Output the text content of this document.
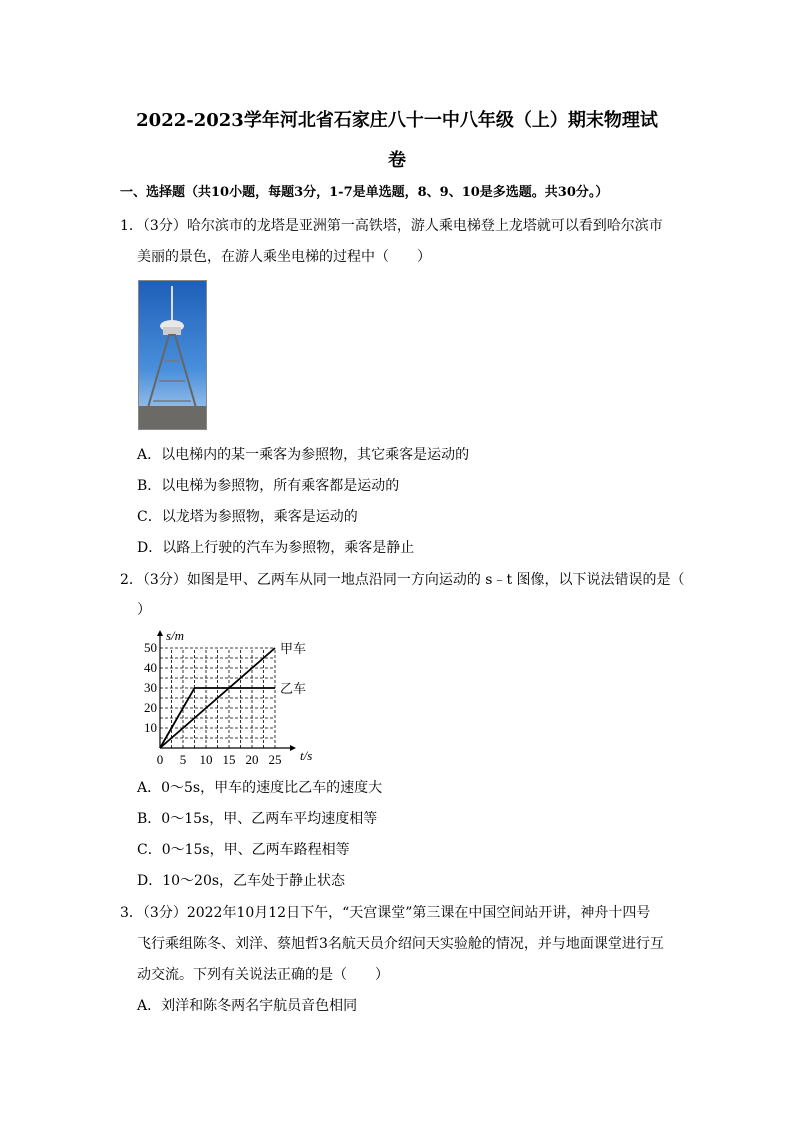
2022-2023学年河北省石家庄八十一中八年级（上）期末物理试
卷
一、选择题（共10小题，每题3分，1-7是单选题，8、9、10是多选题。共30分。）
1．（3分）哈尔滨市的龙塔是亚洲第一高铁塔，游人乘电梯登上龙塔就可以看到哈尔滨市
美丽的景色，在游人乘坐电梯的过程中（　　）
A．以电梯内的某一乘客为参照物，其它乘客是运动的
B．以电梯为参照物，所有乘客都是运动的
C．以龙塔为参照物，乘客是运动的
D．以路上行驶的汽车为参照物，乘客是静止
2．（3分）如图是甲、乙两车从同一地点沿同一方向运动的 s﹣t 图像，以下说法错误的是（
）
甲车
乙车
0 5 10 15 20 25
10
20
30
40
50
t/s
s/m
A．0～5s，甲车的速度比乙车的速度大
B．0～15s，甲、乙两车平均速度相等
C．0～15s，甲、乙两车路程相等
D．10～20s，乙车处于静止状态
3．（3分）2022年10月12日下午，“天宫课堂”第三课在中国空间站开讲，神舟十四号
飞行乘组陈冬、刘洋、蔡旭哲3名航天员介绍问天实验舱的情况，并与地面课堂进行互
动交流。下列有关说法正确的是（　　）
A．刘洋和陈冬两名宇航员音色相同
